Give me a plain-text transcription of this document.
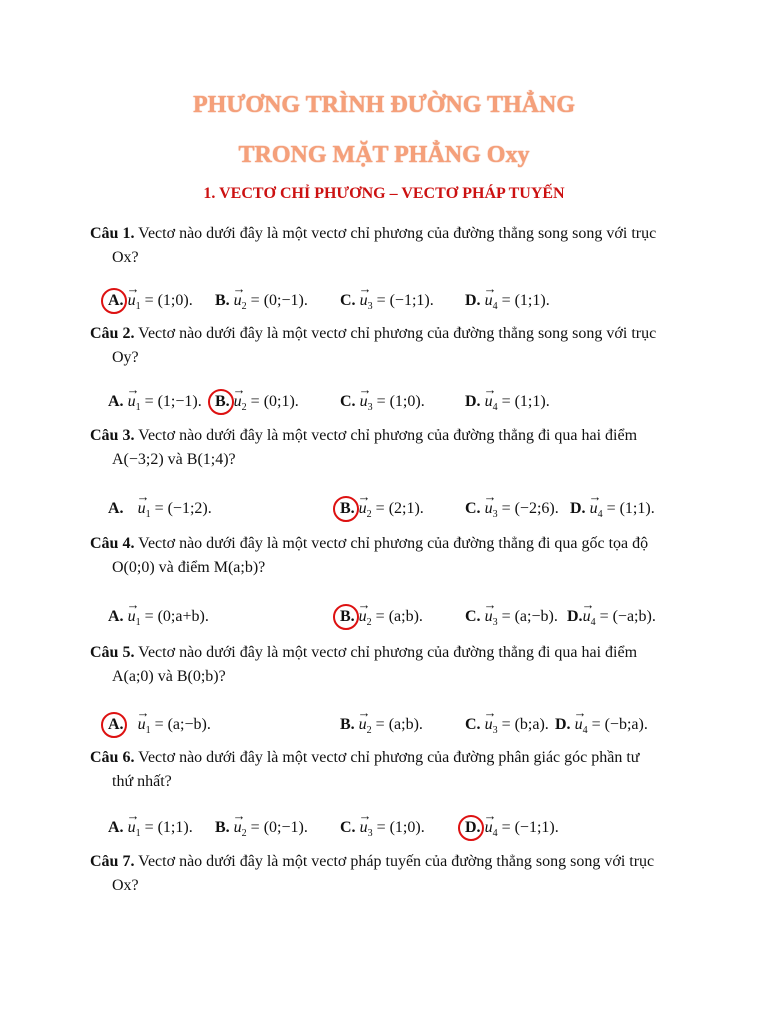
PHƯƠNG TRÌNH ĐƯỜNG THẲNG
TRONG MẶT PHẲNG Oxy
1. VECTƠ CHỈ PHƯƠNG – VECTƠ PHÁP TUYẾN
Câu 1. Vectơ nào dưới đây là một vectơ chỉ phương của đường thẳng song song với trục
Ox?
A. → $u_1$ = (1;0). B. → $u_2$ = (0;−1). C. → $u_3$ = (−1;1). D. → $u_4$ = (1;1).
Câu 2. Vectơ nào dưới đây là một vectơ chỉ phương của đường thẳng song song với trục
Oy?
A. → $u_1$ = (1;−1). B. → $u_2$ = (0;1).	C. → $u_3$ = (1;0).	D. → $u_4$ = (1;1).
Câu 3. Vectơ nào dưới đây là một vectơ chỉ phương của đường thẳng đi qua hai điểm
A(−3;2) và B(1;4)?
A. → $u_1$ = (−1;2).	B. → $u_2$ = (2;1).	C. → $u_3$ = (−2;6). D. → $u_4$ = (1;1).
Câu 4. Vectơ nào dưới đây là một vectơ chỉ phương của đường thẳng đi qua gốc tọa độ
O(0;0) và điểm M(a;b)?
A. → $u_1$ = (0;a+b).	B. → $u_2$ = (a;b).	C. → $u_3$ = (a;−b). $D.\to u_4$ = (−a;b).
Câu 5. Vectơ nào dưới đây là một vectơ chỉ phương của đường thẳng đi qua hai điểm
A(a;0) và B(0;b)?
A. → $u_1$ = (a;−b).	B. → $u_2$ = (a;b).	C. → $u_3$ = (b;a). D. → $u_4$ = (−b;a).
Câu 6. Vectơ nào dưới đây là một vectơ chỉ phương của đường phân giác góc phần tư
thứ nhất?
A. → $u_1$ = (1;1). B. → $u_2$ = (0;−1). C. → $u_3$ = (1;0).	D. → $u_4$ = (−1;1).
Câu 7. Vectơ nào dưới đây là một vectơ pháp tuyến của đường thẳng song song với trục
Ox?
